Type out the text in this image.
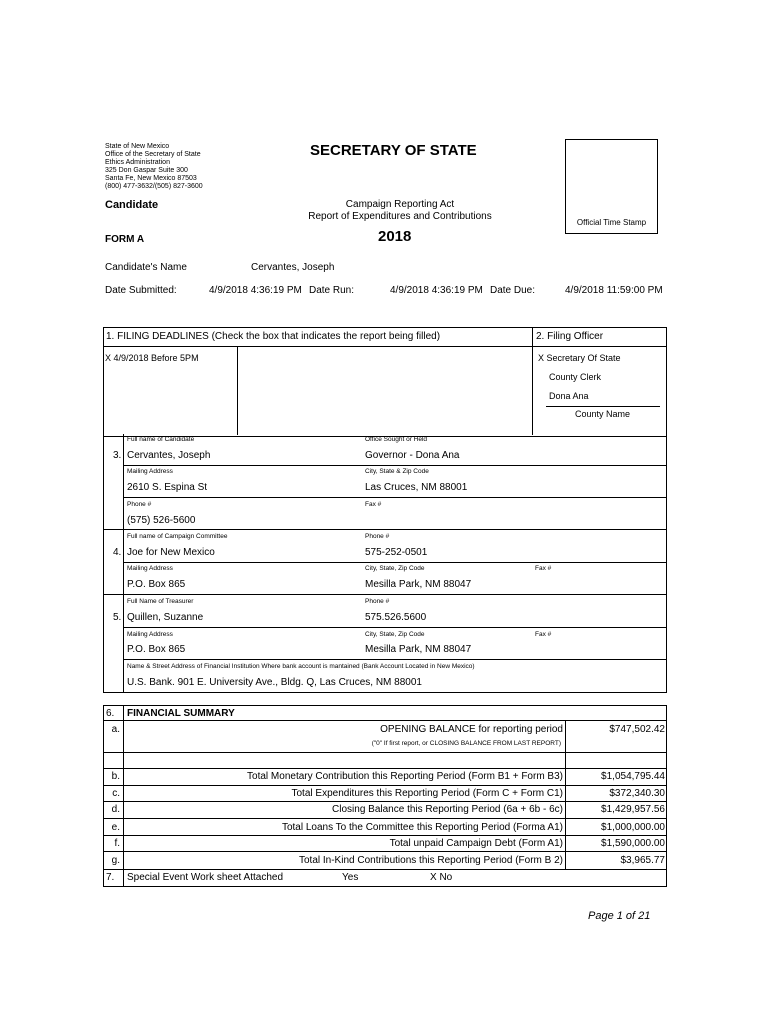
State of New Mexico
Office of the Secretary of State
Ethics Administration
325 Don Gaspar Suite 300
Santa Fe, New Mexico 87503
(800) 477-3632/(505) 827-3600
SECRETARY OF STATE
Candidate	Campaign Reporting Act
Report of Expenditures and Contributions
2018
FORM A
Official Time Stamp
Candidate's Name	Cervantes, Joseph
Date Submitted:	4/9/2018 4:36:19 PM Date Run:	4/9/2018 4:36:19 PM Date Due:	4/9/2018 11:59:00 PM
1. FILING DEADLINES (Check the box that indicates the report being filled)	2. Filing Officer
X 4/9/2018 Before 5PM	X Secretary Of State
County Clerk
Dona Ana
County Name
Full name of Candidate	Office Sought or Held
3. Cervantes, Joseph	Governor - Dona Ana
Mailing Address	City, State & Zip Code
2610 S. Espina St	Las Cruces, NM 88001
Phone #	Fax #
(575) 526-5600
Full name of Campaign Committee	Phone #
4. Joe for New Mexico	575-252-0501
Mailing Address	City, State, Zip Code	Fax #
P.O. Box 865	Mesilla Park, NM 88047
Full Name of Treasurer	Phone #
5. Quillen, Suzanne	575.526.5600
Mailing Address	City, State, Zip Code	Fax #
P.O. Box 865	Mesilla Park, NM 88047
Name & Street Address of Financial Institution Where bank account is mantained (Bank Account Located in New Mexico)
U.S. Bank. 901 E. University Ave., Bldg. Q, Las Cruces, NM 88001
6. FINANCIAL SUMMARY
a.	OPENING BALANCE for reporting period	$747,502.42
("0" If first report, or CLOSING BALANCE FROM LAST REPORT)
b.	Total Monetary Contribution this Reporting Period (Form B1 + Form B3)	$1,054,795.44
c.	Total Expenditures this Reporting Period (Form C + Form C1)	$372,340.30
d.	Closing Balance this Reporting Period (6a + 6b - 6c)	$1,429,957.56
e.	Total Loans To the Committee this Reporting Period (Forma A1)	$1,000,000.00
f.	Total unpaid Campaign Debt (Form A1)	$1,590,000.00
g.	Total In-Kind Contributions this Reporting Period (Form B 2)	$3,965.77
7. Special Event Work sheet Attached	Yes	X No
Page 1 of 21
